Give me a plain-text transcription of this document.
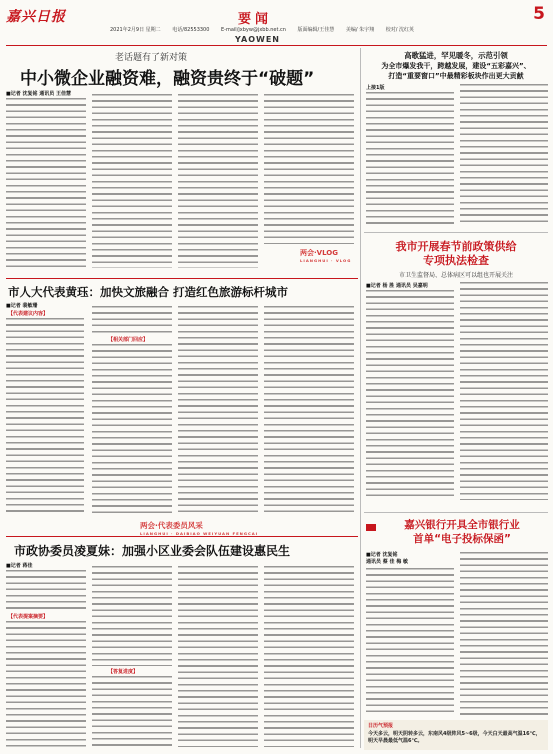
嘉兴日报	要闻
YAOWEN
5
2021年2月9日 星期二 电话/82553300 E-mail/jxbyw@jxbb.net.cn 版面编辑/王佳慧 美编/ 朱宇翔 校对/ 沈红英
老话题有了新对策
中小微企业融资难，融资贵终于“破题”
■记者 沈复铭 通讯员 王佳慧
两会·VLOG
LIANGHUI · VLOG
市人大代表黄珏：加快文旅融合 打造红色旅游标杆城市
■记者 裴敏珊
【代表建议内容】
【相关部门回应】
两会·代表委员风采
LIANGHUI · DAIBIAO WEIYUAN FENGCAI
市政协委员凌夏妹：加强小区业委会队伍建设惠民生
■记者 蒋佳
【代表提案摘要】
【答复进度】
高歌猛进，罕见暖冬，示范引领
为全市爆发我干，跨越发展，建设“五彩嘉兴”、
打造“重要窗口”中最精彩板块作出更大贡献
上接1版
我市开展春节前政策供给
专项执法检查
市卫生监督局、总体病区可以组也开展关注
■记者 杨 胜 通讯员 吴嘉明
嘉兴银行开具全市银行业
首单“电子投标保函”
■记者 沈复铭
通讯员 蔡 佳 梅 敏
日历气预报
今天多云，明天阴转多云，东南风4级阵风5~6级，今天白天最高气温16℃，明天早晨最低气温6℃。
